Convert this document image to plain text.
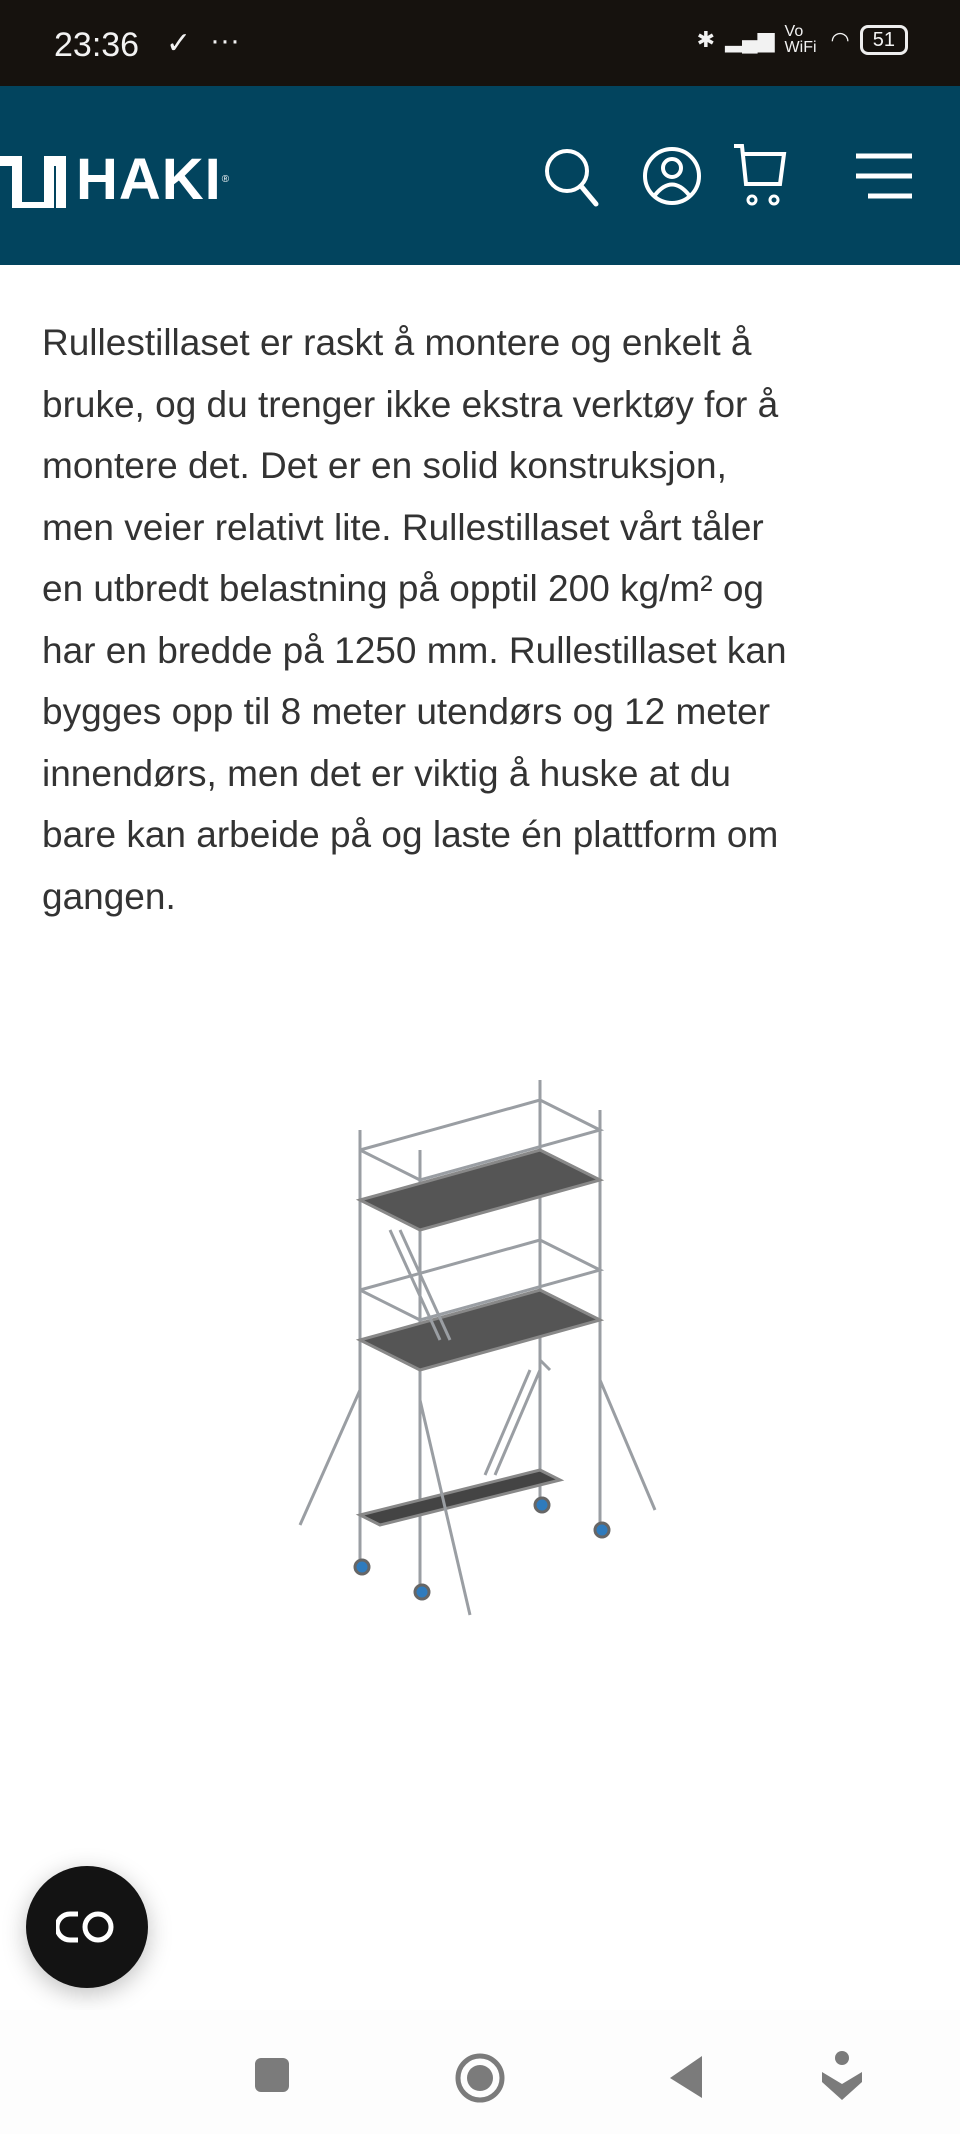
23:36 ✓ ···	✱ ▂▄▆ Vo WiFi ◠	51
HAKI ®
Rullestillaset er raskt å montere og enkelt å
bruke, og du trenger ikke ekstra verktøy for å
montere det. Det er en solid konstruksjon,
men veier relativt lite. Rullestillaset vårt tåler
en utbredt belastning på opptil 200 kg/m² og
har en bredde på 1250 mm. Rullestillaset kan
bygges opp til 8 meter utendørs og 12 meter
innendørs, men det er viktig å huske at du
bare kan arbeide på og laste én plattform om
gangen.
